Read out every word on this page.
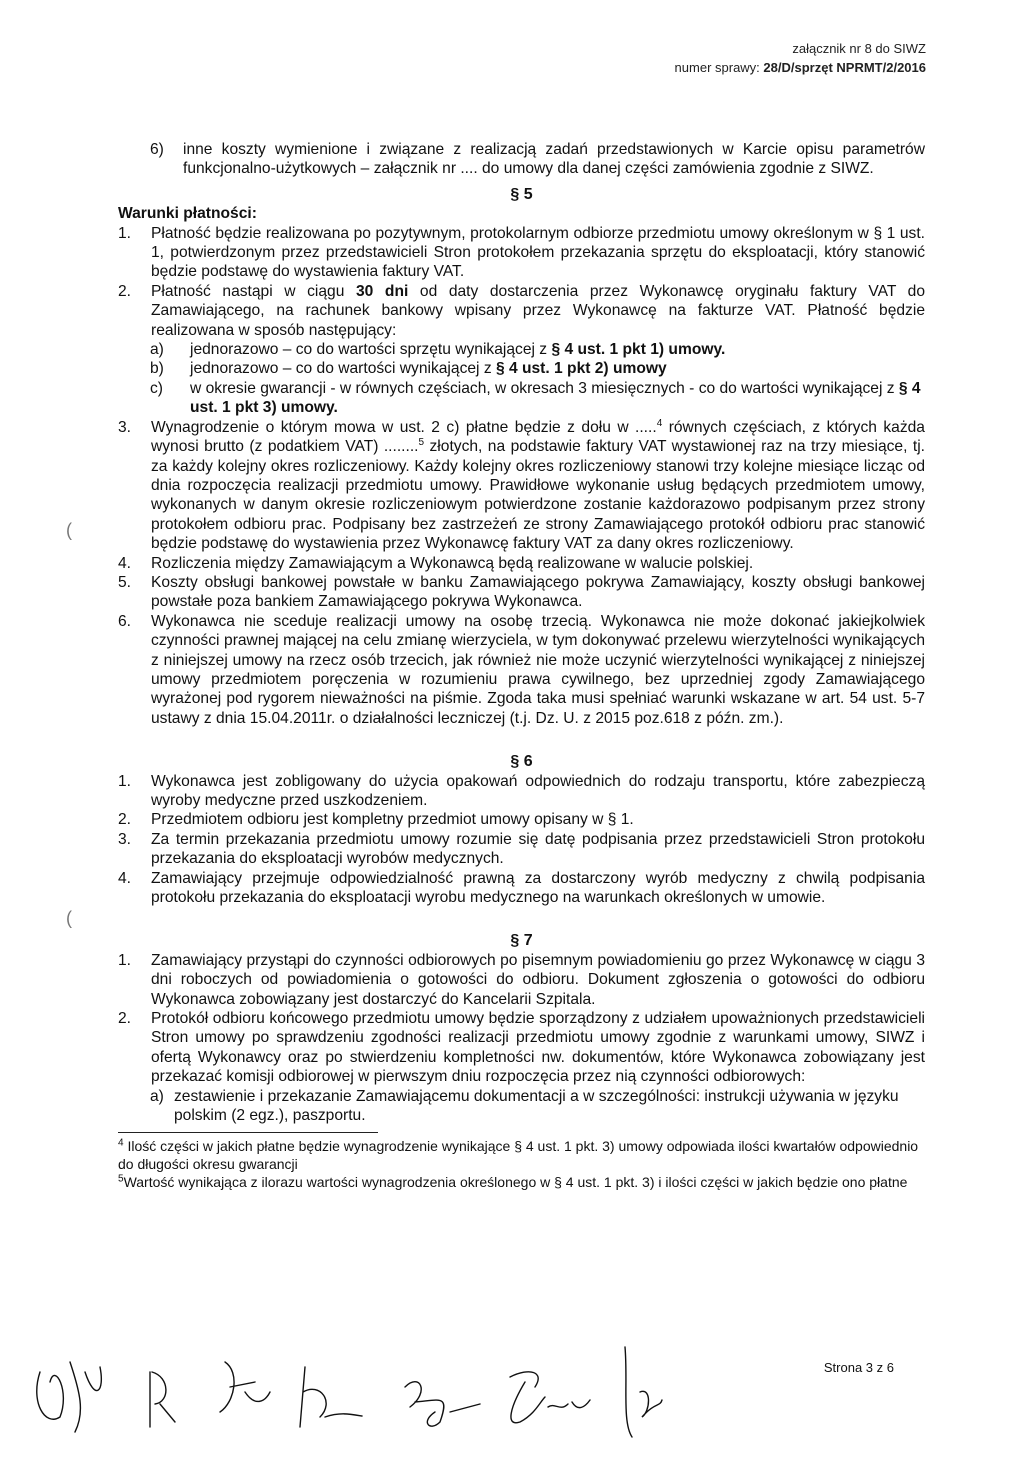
załącznik nr 8 do SIWZ
numer sprawy: 28/D/sprzęt NPRMT/2/2016
(
(
6)	inne koszty wymienione i związane z realizacją zadań przedstawionych w Karcie opisu parametrów funkcjonalno-użytkowych – załącznik nr .... do umowy dla danej części zamówienia zgodnie z SIWZ.

§ 5

Warunki płatności:

1.	Płatność będzie realizowana po pozytywnym, protokolarnym odbiorze przedmiotu umowy określonym w § 1 ust. 1, potwierdzonym przez przedstawicieli Stron protokołem przekazania sprzętu do eksploatacji, który stanowić będzie podstawę do wystawienia faktury VAT.
2.	Płatność nastąpi w ciągu 30 dni od daty dostarczenia przez Wykonawcę oryginału faktury VAT do Zamawiającego, na rachunek bankowy wpisany przez Wykonawcę na fakturze VAT. Płatność będzie realizowana w sposób następujący:
a)	jednorazowo – co do wartości sprzętu wynikającej z § 4 ust. 1 pkt 1) umowy.
b)	jednorazowo – co do wartości wynikającej z § 4 ust. 1 pkt 2) umowy
c)	w okresie gwarancji - w równych częściach, w okresach 3 miesięcznych - co do wartości wynikającej z § 4 ust. 1 pkt 3) umowy.
3.	Wynagrodzenie o którym mowa w ust. 2 c) płatne będzie z dołu w .....$^4$ równych częściach, z których każda wynosi brutto (z podatkiem VAT) ........$^5$ złotych, na podstawie faktury VAT wystawionej raz na trzy miesiące, tj. za każdy kolejny okres rozliczeniowy. Każdy kolejny okres rozliczeniowy stanowi trzy kolejne miesiące licząc od dnia rozpoczęcia realizacji przedmiotu umowy. Prawidłowe wykonanie usług będących przedmiotem umowy, wykonanych w danym okresie rozliczeniowym potwierdzone zostanie każdorazowo podpisanym przez strony protokołem odbioru prac. Podpisany bez zastrzeżeń ze strony Zamawiającego protokół odbioru prac stanowić będzie podstawę do wystawienia przez Wykonawcę faktury VAT za dany okres rozliczeniowy.
4.	Rozliczenia między Zamawiającym a Wykonawcą będą realizowane w walucie polskiej.
5.	Koszty obsługi bankowej powstałe w banku Zamawiającego pokrywa Zamawiający, koszty obsługi bankowej powstałe poza bankiem Zamawiającego pokrywa Wykonawca.
6.	Wykonawca nie sceduje realizacji umowy na osobę trzecią. Wykonawca nie może dokonać jakiejkolwiek czynności prawnej mającej na celu zmianę wierzyciela, w tym dokonywać przelewu wierzytelności wynikających z niniejszej umowy na rzecz osób trzecich, jak również nie może uczynić wierzytelności wynikającej z niniejszej umowy przedmiotem poręczenia w rozumieniu prawa cywilnego, bez uprzedniej zgody Zamawiającego wyrażonej pod rygorem nieważności na piśmie. Zgoda taka musi spełniać warunki wskazane w art. 54 ust. 5-7 ustawy z dnia 15.04.2011r. o działalności leczniczej (t.j. Dz. U. z 2015 poz.618 z późn. zm.).

§ 6

1.	Wykonawca jest zobligowany do użycia opakowań odpowiednich do rodzaju transportu, które zabezpieczą wyroby medyczne przed uszkodzeniem.
2.	Przedmiotem odbioru jest kompletny przedmiot umowy opisany w § 1.
3.	Za termin przekazania przedmiotu umowy rozumie się datę podpisania przez przedstawicieli Stron protokołu przekazania do eksploatacji wyrobów medycznych.
4.	Zamawiający przejmuje odpowiedzialność prawną za dostarczony wyrób medyczny z chwilą podpisania protokołu przekazania do eksploatacji wyrobu medycznego na warunkach określonych w umowie.

§ 7

1.	Zamawiający przystąpi do czynności odbiorowych po pisemnym powiadomieniu go przez Wykonawcę w ciągu 3 dni roboczych od powiadomienia o gotowości do odbioru. Dokument zgłoszenia o gotowości do odbioru Wykonawca zobowiązany jest dostarczyć do Kancelarii Szpitala.
2.	Protokół odbioru końcowego przedmiotu umowy będzie sporządzony z udziałem upoważnionych przedstawicieli Stron umowy po sprawdzeniu zgodności realizacji przedmiotu umowy zgodnie z warunkami umowy, SIWZ i ofertą Wykonawcy oraz po stwierdzeniu kompletności nw. dokumentów, które Wykonawca zobowiązany jest przekazać komisji odbiorowej w pierwszym dniu rozpoczęcia przez nią czynności odbiorowych:
a) zestawienie i przekazanie Zamawiającemu dokumentacji a w szczególności: instrukcji używania w języku polskim (2 egz.), paszportu.

$^4$ Ilość części w jakich płatne będzie wynagrodzenie wynikające § 4 ust. 1 pkt. 3) umowy odpowiada ilości kwartałów odpowiednio do długości okresu gwarancji

$^5$Wartość wynikająca z ilorazu wartości wynagrodzenia określonego w § 4 ust. 1 pkt. 3) i ilości części w jakich będzie ono płatne

Strona 3 z 6
